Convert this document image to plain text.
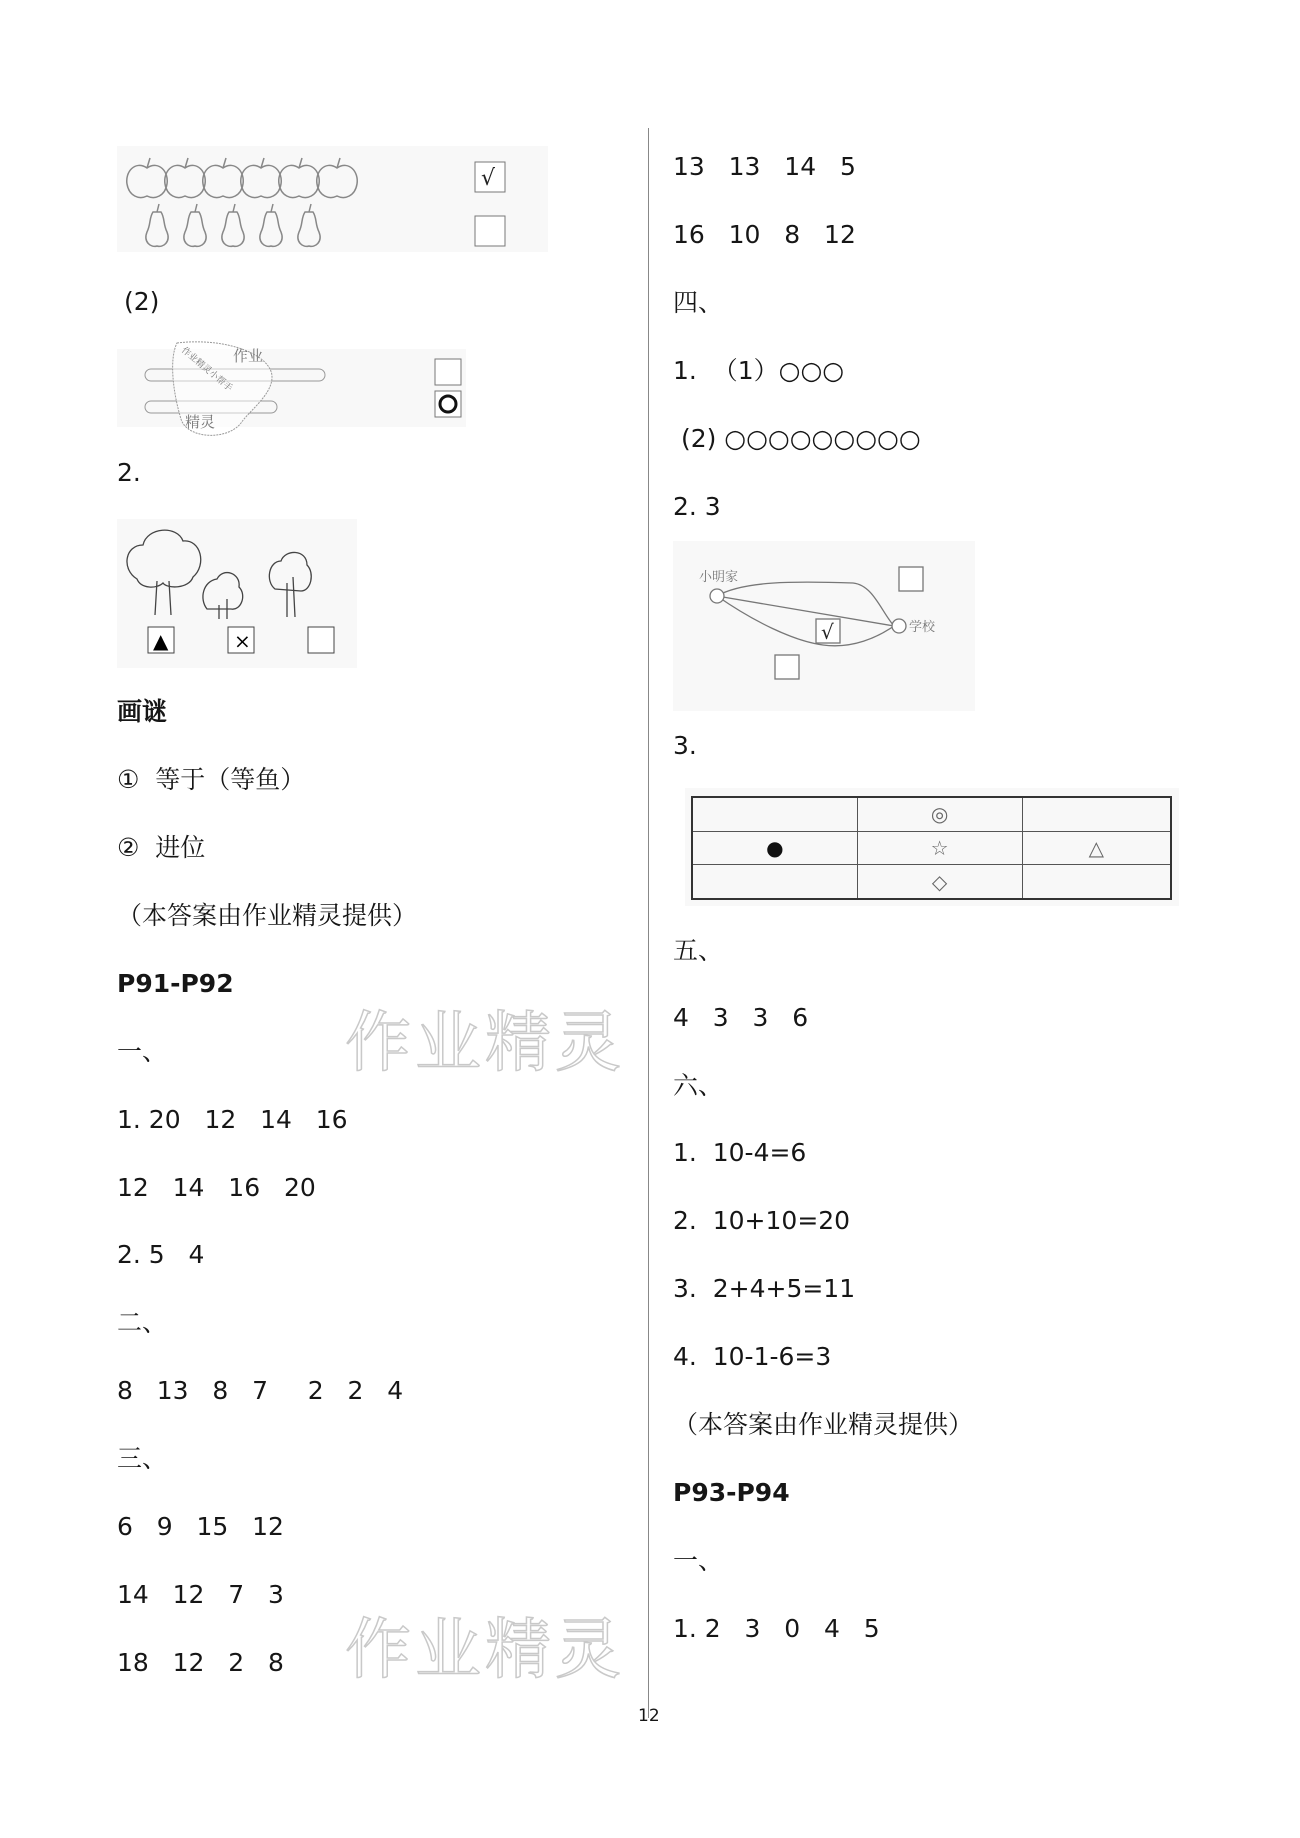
作业精灵
作业精灵
√
(2)
作业
精灵
作业精灵小帮手
2.
▲	×
画谜
①  等于（等鱼）
②  进位
（本答案由作业精灵提供）
P91-P92
一、
1. 20   12   14   16
12   14   16   20
2. 5   4
二、
8   13   8   7     2   2   4
三、
6   9   15   12
14   12   7   3
18   12   2   8
13   13   14   5
16   10   8   12
四、
1.  （1）○○○
(2) ○○○○○○○○○
2. 3
小明家
学校
√
3.
	◎	
●	☆	△
	◇	
五、
4   3   3   6
六、
1.  10-4=6
2.  10+10=20
3.  2+4+5=11
4.  10-1-6=3
（本答案由作业精灵提供）
P93-P94
一、
1. 2   3   0   4   5
12
